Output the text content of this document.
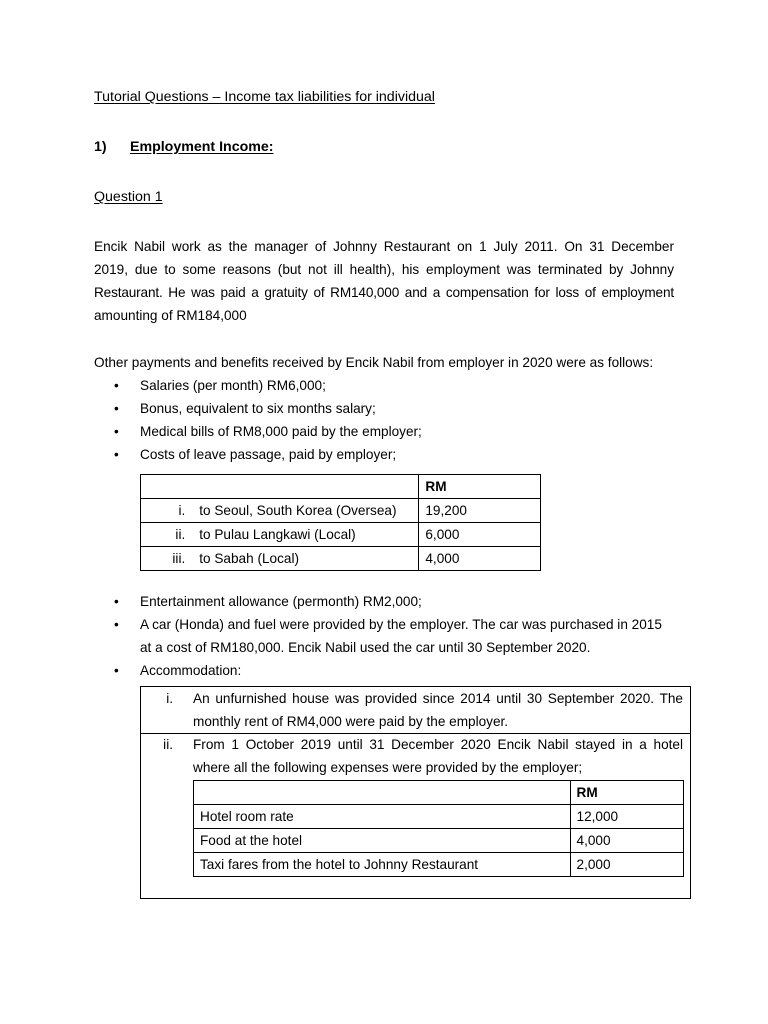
Tutorial Questions – Income tax liabilities for individual
1) Employment Income:
Question 1
Encik Nabil work as the manager of Johnny Restaurant on 1 July 2011. On 31 December
2019, due to some reasons (but not ill health), his employment was terminated by Johnny
Restaurant. He was paid a gratuity of RM140,000 and a compensation for loss of employment
amounting of RM184,000
Other payments and benefits received by Encik Nabil from employer in 2020 were as follows:
• Salaries (per month) RM6,000;
• Bonus, equivalent to six months salary;
• Medical bills of RM8,000 paid by the employer;
• Costs of leave passage, paid by employer;
		RM
i.	to Seoul, South Korea (Oversea)	19,200
ii.	to Pulau Langkawi (Local)	6,000
iii.	to Sabah (Local)	4,000
• Entertainment allowance (permonth) RM2,000;
• A car (Honda) and fuel were provided by the employer. The car was purchased in 2015
at a cost of RM180,000. Encik Nabil used the car until 30 September 2020.
• Accommodation:
i. An unfurnished house was provided since 2014 until 30 September 2020. The
monthly rent of RM4,000 were paid by the employer.
ii. From 1 October 2019 until 31 December 2020 Encik Nabil stayed in a hotel
where all the following expenses were provided by the employer;
	RM
Hotel room rate	12,000
Food at the hotel	4,000
Taxi fares from the hotel to Johnny Restaurant	2,000
